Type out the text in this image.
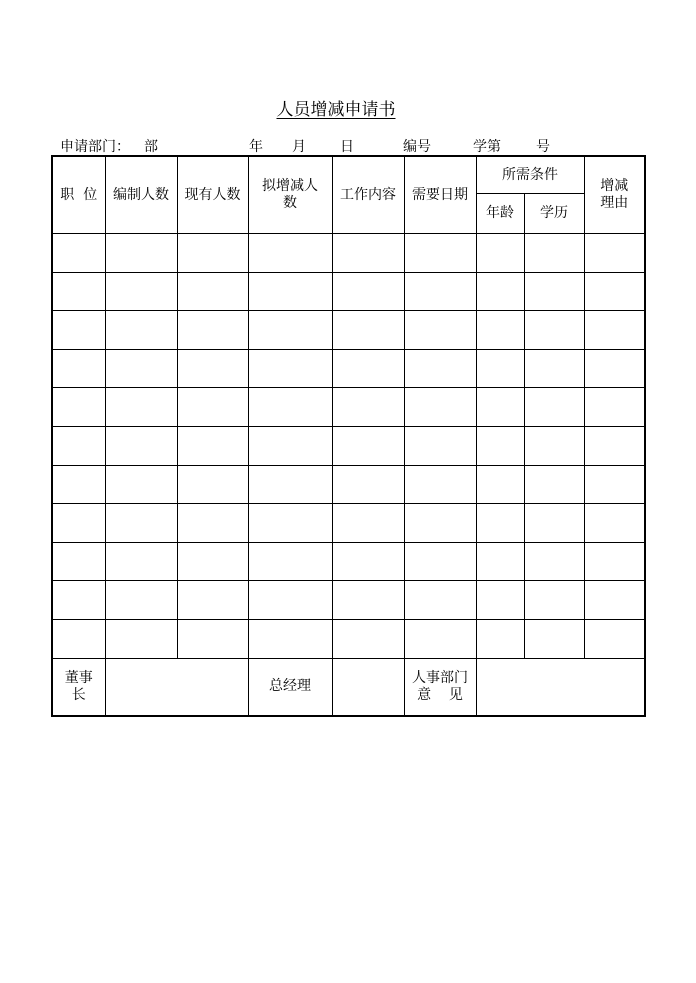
人员增减申请书
申请部门： 部	年 月 日	编号	学第	号
职  位	编制人数	现有人数	拟增减人数	工作内容	需要日期	所需条件		增减理由
						年龄	学历	

董事长			总经理		人事部门
意    见			
